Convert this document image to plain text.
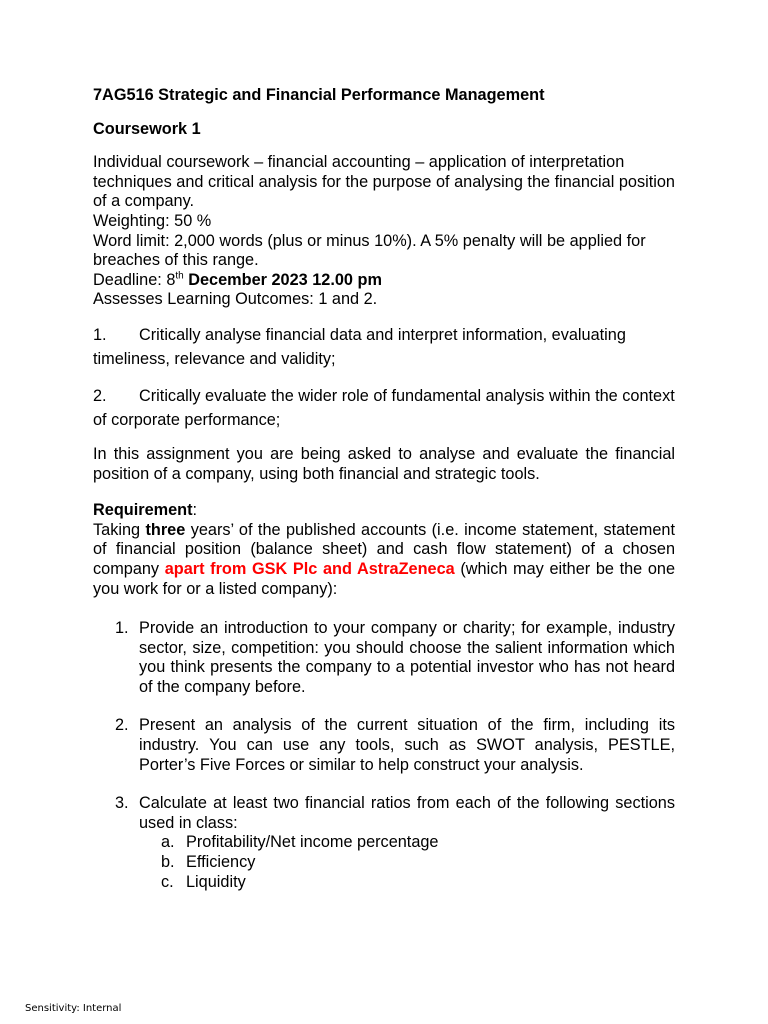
7AG516 Strategic and Financial Performance Management

Coursework 1

Individual coursework – financial accounting – application of interpretation techniques and critical analysis for the purpose of analysing the financial position of a company.

Weighting: 50 %

Word limit: 2,000 words (plus or minus 10%). A 5% penalty will be applied for breaches of this range.

Deadline: 8th December 2023 12.00 pm

Assesses Learning Outcomes: 1 and 2.

1. Critically analyse financial data and interpret information, evaluating timeliness, relevance and validity;

2. Critically evaluate the wider role of fundamental analysis within the context of corporate performance;

In this assignment you are being asked to analyse and evaluate the financial position of a company, using both financial and strategic tools.

Requirement:

Taking three years’ of the published accounts (i.e. income statement, statement of financial position (balance sheet) and cash flow statement) of a chosen company apart from GSK Plc and AstraZeneca (which may either be the one you work for or a listed company):

1. Provide an introduction to your company or charity; for example, industry sector, size, competition: you should choose the salient information which you think presents the company to a potential investor who has not heard of the company before.
2. Present an analysis of the current situation of the firm, including its industry. You can use any tools, such as SWOT analysis, PESTLE, Porter’s Five Forces or similar to help construct your analysis.
3. Calculate at least two financial ratios from each of the following sections used in class:
a. Profitability/Net income percentage
b. Efficiency
c. Liquidity
Sensitivity: Internal
